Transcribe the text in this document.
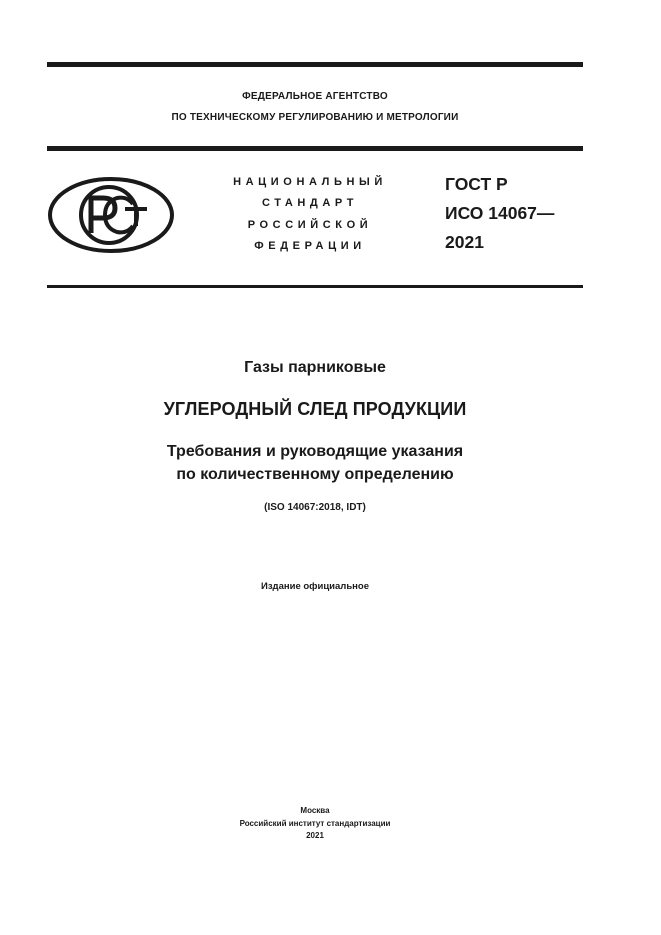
ФЕДЕРАЛЬНОЕ АГЕНТСТВО
ПО ТЕХНИЧЕСКОМУ РЕГУЛИРОВАНИЮ И МЕТРОЛОГИИ
НАЦИОНАЛЬНЫЙ
СТАНДАРТ
РОССИЙСКОЙ
ФЕДЕРАЦИИ
ГОСТ Р
ИСО 14067—
2021
Газы парниковые
УГЛЕРОДНЫЙ СЛЕД ПРОДУКЦИИ
Требования и руководящие указания
по количественному определению
(ISO 14067:2018, IDT)
Издание официальное
Москва
Российский институт стандартизации
2021
